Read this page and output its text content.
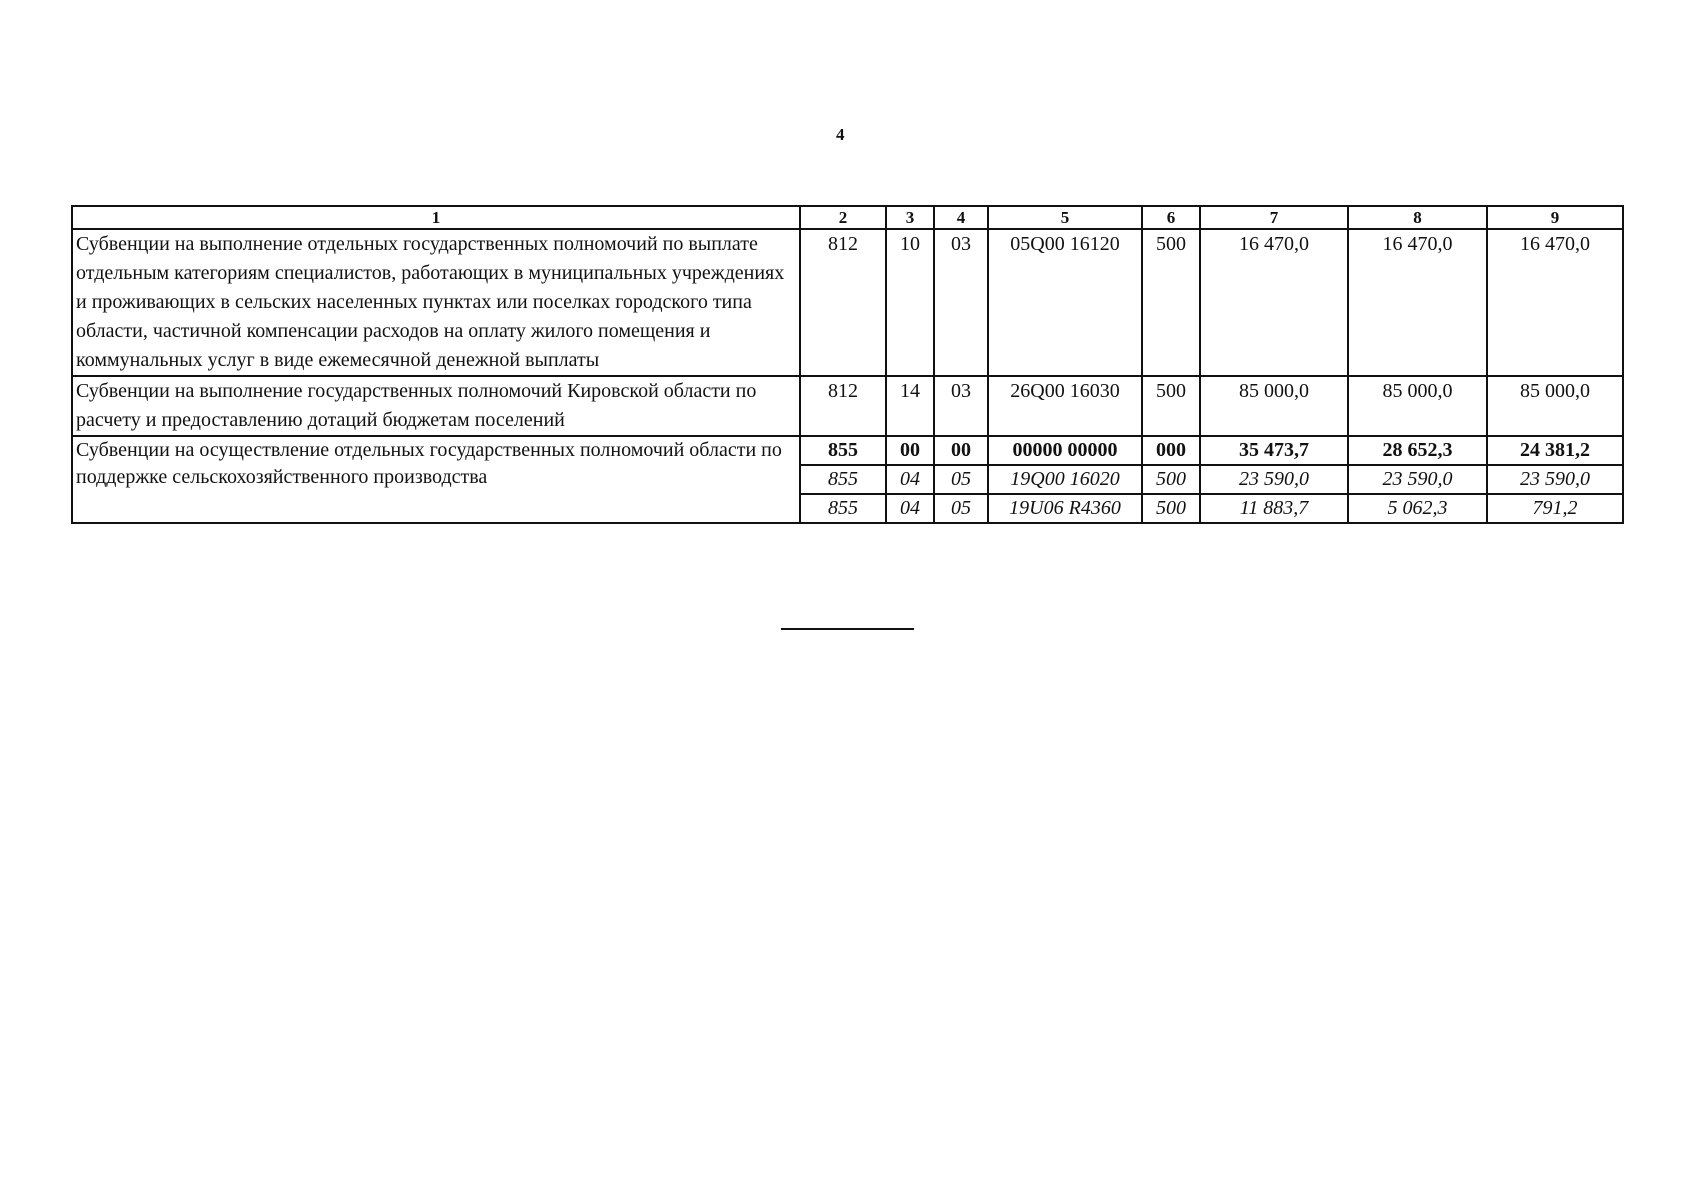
4
1	2	3	4	5	6	7	8	9
Субвенции на выполнение отдельных государственных полномочий по выплате отдельным категориям специалистов, работающих в муниципальных учреждениях и проживающих в сельских населенных пунктах или поселках городского типа области, частичной компенсации расходов на оплату жилого помещения и коммунальных услуг в виде ежемесячной денежной выплаты	812	10	03	05Q00 16120	500	16 470,0	16 470,0	16 470,0
Субвенции на выполнение государственных полномочий Кировской области по расчету и предоставлению дотаций бюджетам поселений	812	14	03	26Q00 16030	500	85 000,0	85 000,0	85 000,0
Субвенции на осуществление отдельных государственных полномочий области по поддержке сельскохозяйственного производства	855	00	00	00000 00000	000	35 473,7	28 652,3	24 381,2
	855	04	05	19Q00 16020	500	23 590,0	23 590,0	23 590,0
	855	04	05	19U06 R4360	500	11 883,7	5 062,3	791,2
